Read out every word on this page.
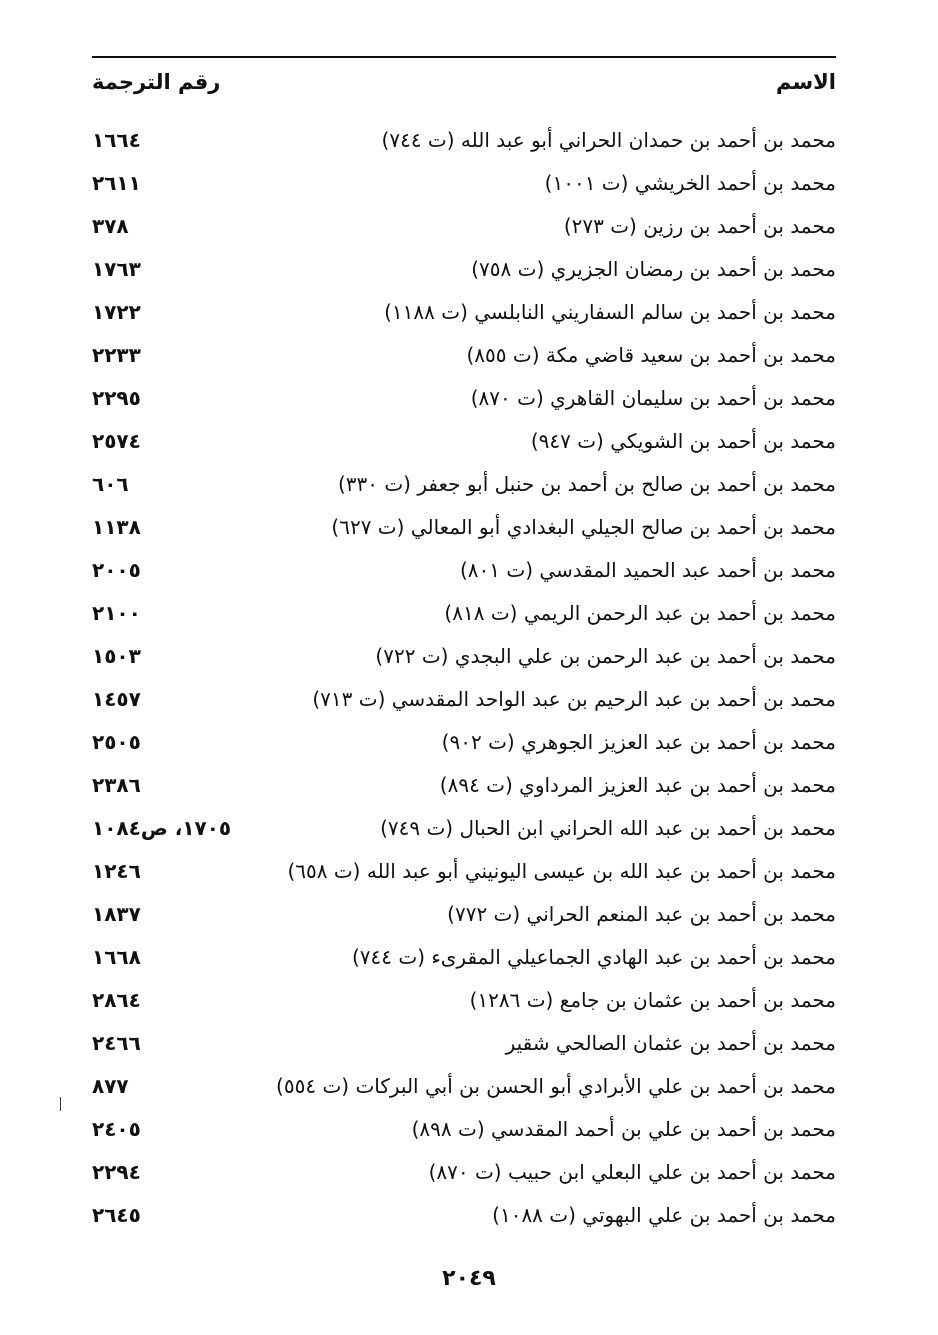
الاسم
رقم الترجمة
محمد بن أحمد بن حمدان الحراني أبو عبد الله (ت ٧٤٤)
١٦٦٤
محمد بن أحمد الخريشي (ت ١٠٠١)
٢٦١١
محمد بن أحمد بن رزين (ت ٢٧٣)
٣٧٨
محمد بن أحمد بن رمضان الجزيري (ت ٧٥٨)
١٧٦٣
محمد بن أحمد بن سالم السفاريني النابلسي (ت ١١٨٨)
١٧٢٢
محمد بن أحمد بن سعيد قاضي مكة (ت ٨٥٥)
٢٢٣٣
محمد بن أحمد بن سليمان القاهري (ت ٨٧٠)
٢٢٩٥
محمد بن أحمد بن الشويكي (ت ٩٤٧)
٢٥٧٤
محمد بن أحمد بن صالح بن أحمد بن حنبل أبو جعفر (ت ٣٣٠)
٦٠٦
محمد بن أحمد بن صالح الجيلي البغدادي أبو المعالي (ت ٦٢٧)
١١٣٨
محمد بن أحمد عبد الحميد المقدسي (ت ٨٠١)
٢٠٠٥
محمد بن أحمد بن عبد الرحمن الريمي (ت ٨١٨)
٢١٠٠
محمد بن أحمد بن عبد الرحمن بن علي البجدي (ت ٧٢٢)
١٥٠٣
محمد بن أحمد بن عبد الرحيم بن عبد الواحد المقدسي (ت ٧١٣)
١٤٥٧
محمد بن أحمد بن عبد العزيز الجوهري (ت ٩٠٢)
٢٥٠٥
محمد بن أحمد بن عبد العزيز المرداوي (ت ٨٩٤)
٢٣٨٦
محمد بن أحمد بن عبد الله الحراني ابن الحبال (ت ٧٤٩)
١٧٠٥، ص١٠٨٤
محمد بن أحمد بن عبد الله بن عيسى اليونيني أبو عبد الله (ت ٦٥٨)
١٢٤٦
محمد بن أحمد بن عبد المنعم الحراني (ت ٧٧٢)
١٨٣٧
محمد بن أحمد بن عبد الهادي الجماعيلي المقرىء (ت ٧٤٤)
١٦٦٨
محمد بن أحمد بن عثمان بن جامع (ت ١٢٨٦)
٢٨٦٤
محمد بن أحمد بن عثمان الصالحي شقير
٢٤٦٦
محمد بن أحمد بن علي الأبرادي أبو الحسن بن أبي البركات (ت ٥٥٤)
٨٧٧
محمد بن أحمد بن علي بن أحمد المقدسي (ت ٨٩٨)
٢٤٠٥
محمد بن أحمد بن علي البعلي ابن حبيب (ت ٨٧٠)
٢٢٩٤
محمد بن أحمد بن علي البهوتي (ت ١٠٨٨)
٢٦٤٥
٢٠٤٩
